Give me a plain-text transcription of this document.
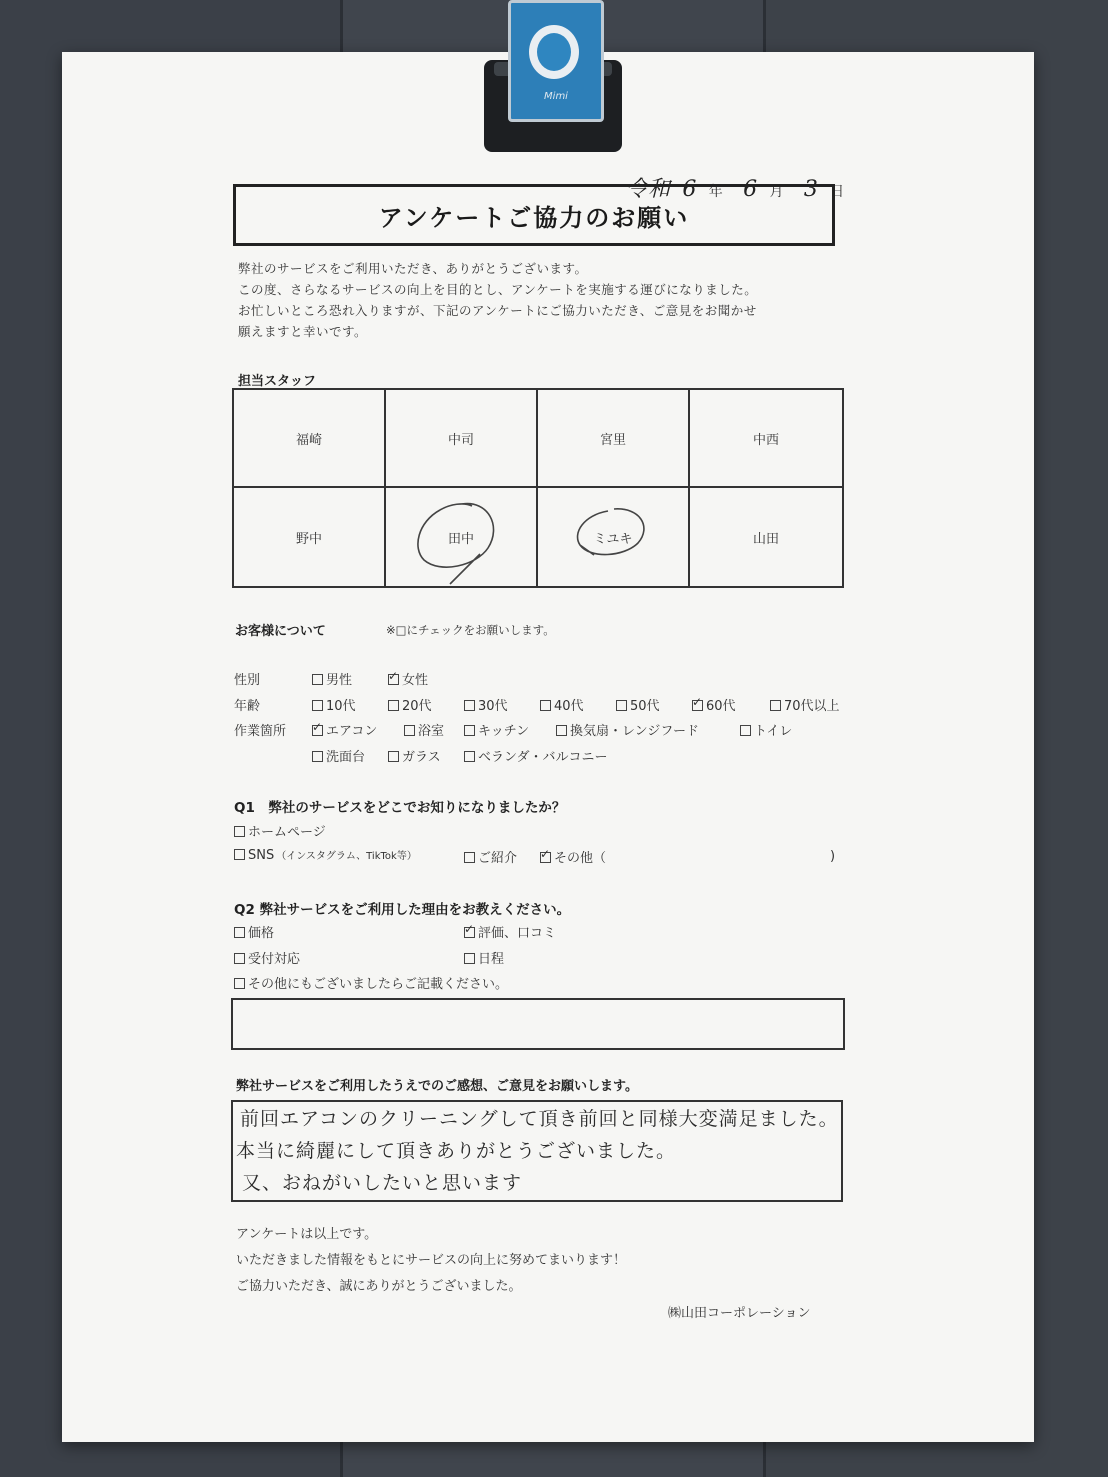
Mimi
令和 6 年 6 月 3 日
アンケートご協力のお願い
弊社のサービスをご利用いただき、ありがとうございます。
この度、さらなるサービスの向上を目的とし、アンケートを実施する運びになりました。
お忙しいところ恐れ入りますが、下記のアンケートにご協力いただき、ご意見をお聞かせ
願えますと幸いです。
担当スタッフ
福崎	中司	宮里	中西
野中	田中	ミユキ	山田
お客様について	※□にチェックをお願いします。
性別	男性 ✓	女性
年齢	10代	20代	30代	40代	50代 ✓	60代	70代以上
作業箇所 ✓	エアコン	浴室	キッチン	換気扇・レンジフード	トイレ
洗面台	ガラス	ベランダ・バルコニー
Q1　弊社のサービスをどこでお知りになりましたか？
ホームページ
SNS （インスタグラム、TikTok等）	ご紹介 ✓	その他（	)
Q2 弊社サービスをご利用した理由をお教えください。
価格 ✓	評価、口コミ
受付対応	日程
その他にもございましたらご記載ください。
弊社サービスをご利用したうえでのご感想、ご意見をお願いします。
前回エアコンのクリーニングして頂き前回と同様大変満足ました。
本当に綺麗にして頂きありがとうございました。
又、おねがいしたいと思います
アンケートは以上です。
いただきました情報をもとにサービスの向上に努めてまいります！
ご協力いただき、誠にありがとうございました。
㈱山田コーポレーション
